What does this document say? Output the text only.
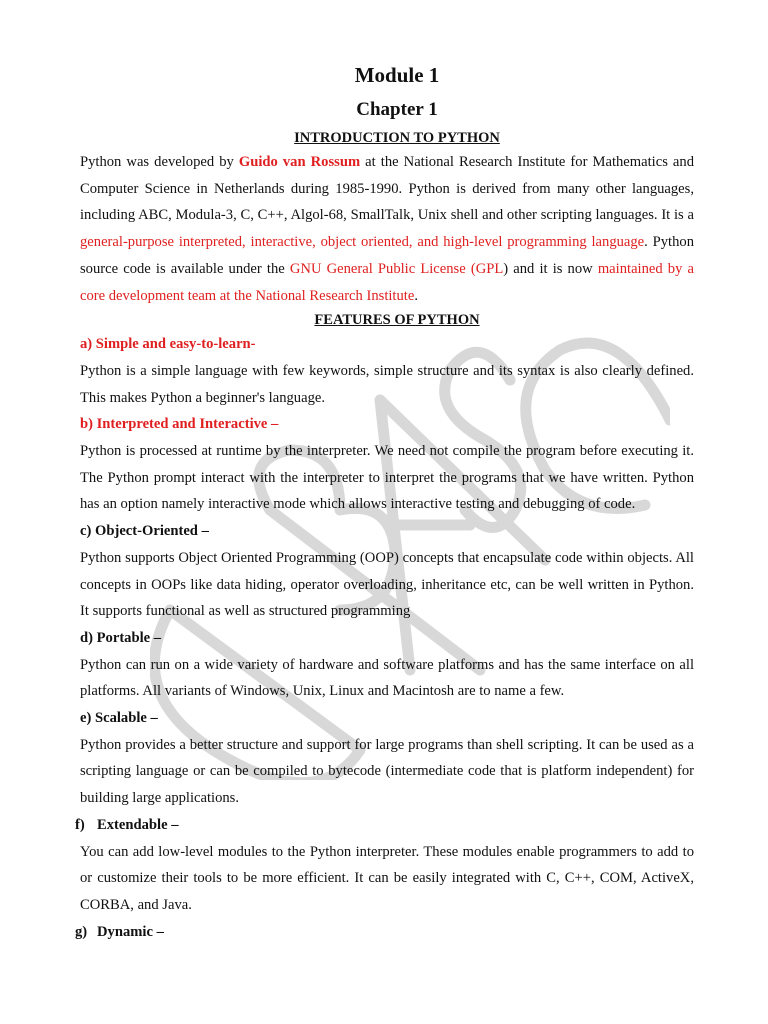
Module 1
Chapter 1
INTRODUCTION TO PYTHON

Python was developed by Guido van Rossum at the National Research Institute for Mathematics and Computer Science in Netherlands during 1985-1990. Python is derived from many other languages, including ABC, Modula-3, C, C++, Algol-68, SmallTalk, Unix shell and other scripting languages. It is a general-purpose interpreted, interactive, object oriented, and high-level programming language. Python source code is available under the GNU General Public License (GPL) and it is now maintained by a core development team at the National Research Institute.

FEATURES OF PYTHON
a) Simple and easy-to-learn-

Python is a simple language with few keywords, simple structure and its syntax is also clearly defined. This makes Python a beginner's language.

b) Interpreted and Interactive –

Python is processed at runtime by the interpreter. We need not compile the program before executing it. The Python prompt interact with the interpreter to interpret the programs that we have written. Python has an option namely interactive mode which allows interactive testing and debugging of code.

c) Object-Oriented –

Python supports Object Oriented Programming (OOP) concepts that encapsulate code within objects. All concepts in OOPs like data hiding, operator overloading, inheritance etc, can be well written in Python. It supports functional as well as structured programming

d) Portable –

Python can run on a wide variety of hardware and software platforms and has the same interface on all platforms. All variants of Windows, Unix, Linux and Macintosh are to name a few.

e) Scalable –

Python provides a better structure and support for large programs than shell scripting. It can be used as a scripting language or can be compiled to bytecode (intermediate code that is platform independent) for building large applications.

f) Extendable –

You can add low-level modules to the Python interpreter. These modules enable programmers to add to or customize their tools to be more efficient. It can be easily integrated with C, C++, COM, ActiveX, CORBA, and Java.

g) Dynamic –
